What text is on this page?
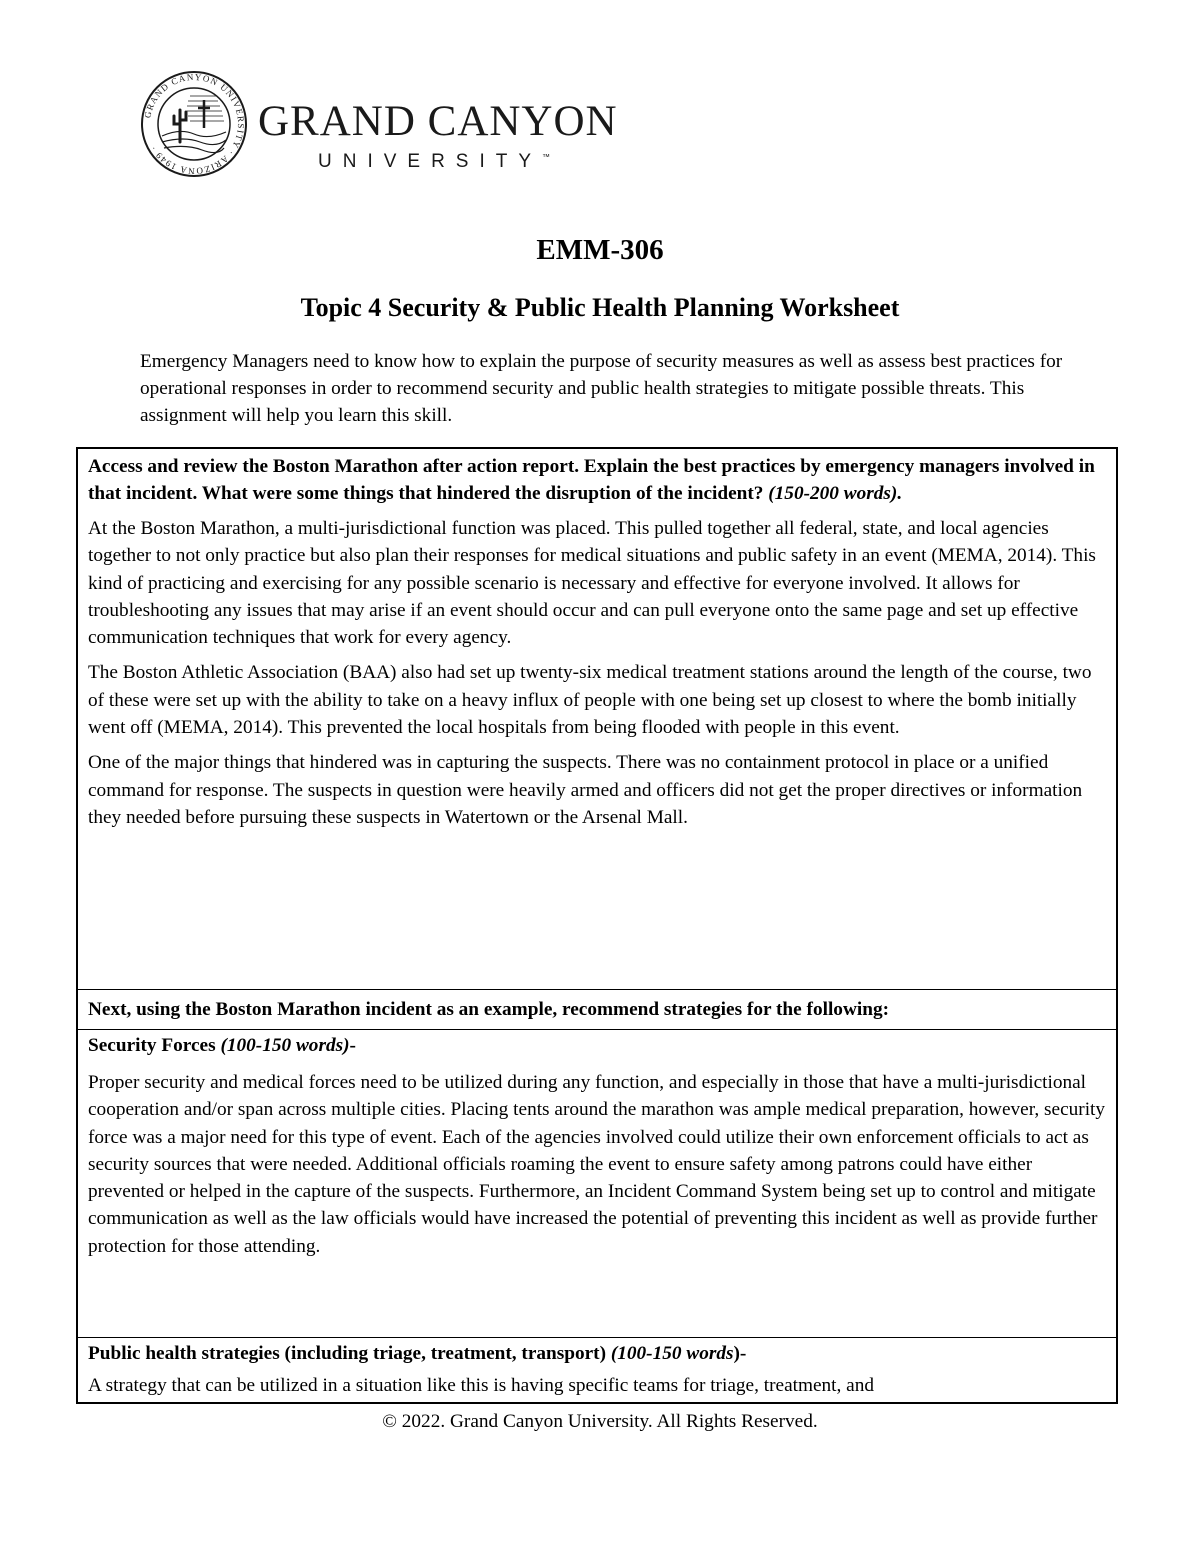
GRAND CANYON UNIVERSITY · ARIZONA 1949 ·
GRAND CANYON
UNIVERSITY™
EMM-306
Topic 4 Security & Public Health Planning Worksheet
Emergency Managers need to know how to explain the purpose of security measures as well as assess best practices for operational responses in order to recommend security and public health strategies to mitigate possible threats. This assignment will help you learn this skill.

Access and review the Boston Marathon after action report. Explain the best practices by emergency managers involved in that incident. What were some things that hindered the disruption of the incident? (150-200 words).

At the Boston Marathon, a multi-jurisdictional function was placed. This pulled together all federal, state, and local agencies together to not only practice but also plan their responses for medical situations and public safety in an event (MEMA, 2014). This kind of practicing and exercising for any possible scenario is necessary and effective for everyone involved. It allows for troubleshooting any issues that may arise if an event should occur and can pull everyone onto the same page and set up effective communication techniques that work for every agency.

The Boston Athletic Association (BAA) also had set up twenty-six medical treatment stations around the length of the course, two of these were set up with the ability to take on a heavy influx of people with one being set up closest to where the bomb initially went off (MEMA, 2014). This prevented the local hospitals from being flooded with people in this event.

One of the major things that hindered was in capturing the suspects. There was no containment protocol in place or a unified command for response. The suspects in question were heavily armed and officers did not get the proper directives or information they needed before pursuing these suspects in Watertown or the Arsenal Mall.

Next, using the Boston Marathon incident as an example, recommend strategies for the following:

Security Forces (100-150 words)-

Proper security and medical forces need to be utilized during any function, and especially in those that have a multi-jurisdictional cooperation and/or span across multiple cities. Placing tents around the marathon was ample medical preparation, however, security force was a major need for this type of event. Each of the agencies involved could utilize their own enforcement officials to act as security sources that were needed. Additional officials roaming the event to ensure safety among patrons could have either prevented or helped in the capture of the suspects. Furthermore, an Incident Command System being set up to control and mitigate communication as well as the law officials would have increased the potential of preventing this incident as well as provide further protection for those attending.

Public health strategies (including triage, treatment, transport) (100-150 words)-

A strategy that can be utilized in a situation like this is having specific teams for triage, treatment, and

© 2022. Grand Canyon University. All Rights Reserved.
